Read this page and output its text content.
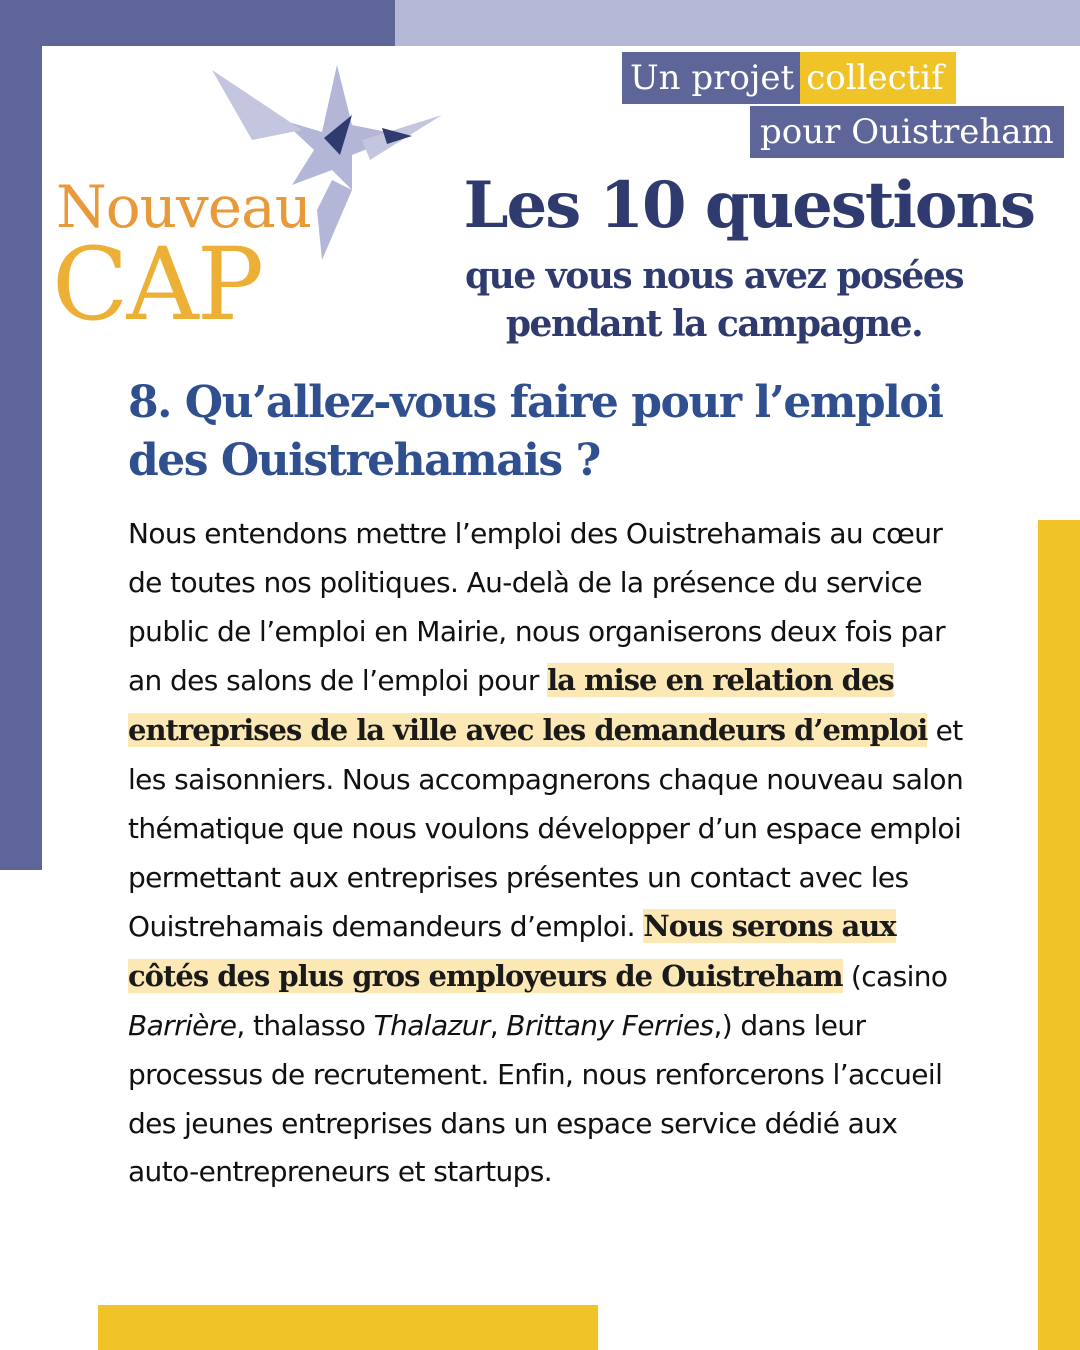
Nouveau
CAP
Un projet collectif
pour Ouistreham
Les 10 questions
que vous nous avez posées pendant la campagne.
8. Qu’allez-vous faire pour l’emploi des Ouistrehamais ?
Nous entendons mettre l’emploi des Ouistrehamais au cœur de toutes nos politiques. Au-delà de la présence du service public de l’emploi en Mairie, nous organiserons deux fois par an des salons de l’emploi pour la mise en relation des entreprises de la ville avec les demandeurs d’emploi et les saisonniers. Nous accompagnerons chaque nouveau salon thématique que nous voulons développer d’un espace emploi permettant aux entreprises présentes un contact avec les Ouistrehamais demandeurs d’emploi. Nous serons aux côtés des plus gros employeurs de Ouistreham (casino Barrière, thalasso Thalazur, Brittany Ferries,) dans leur processus de recrutement. Enfin, nous renforcerons l’accueil des jeunes entreprises dans un espace service dédié aux auto-entrepreneurs et startups.
